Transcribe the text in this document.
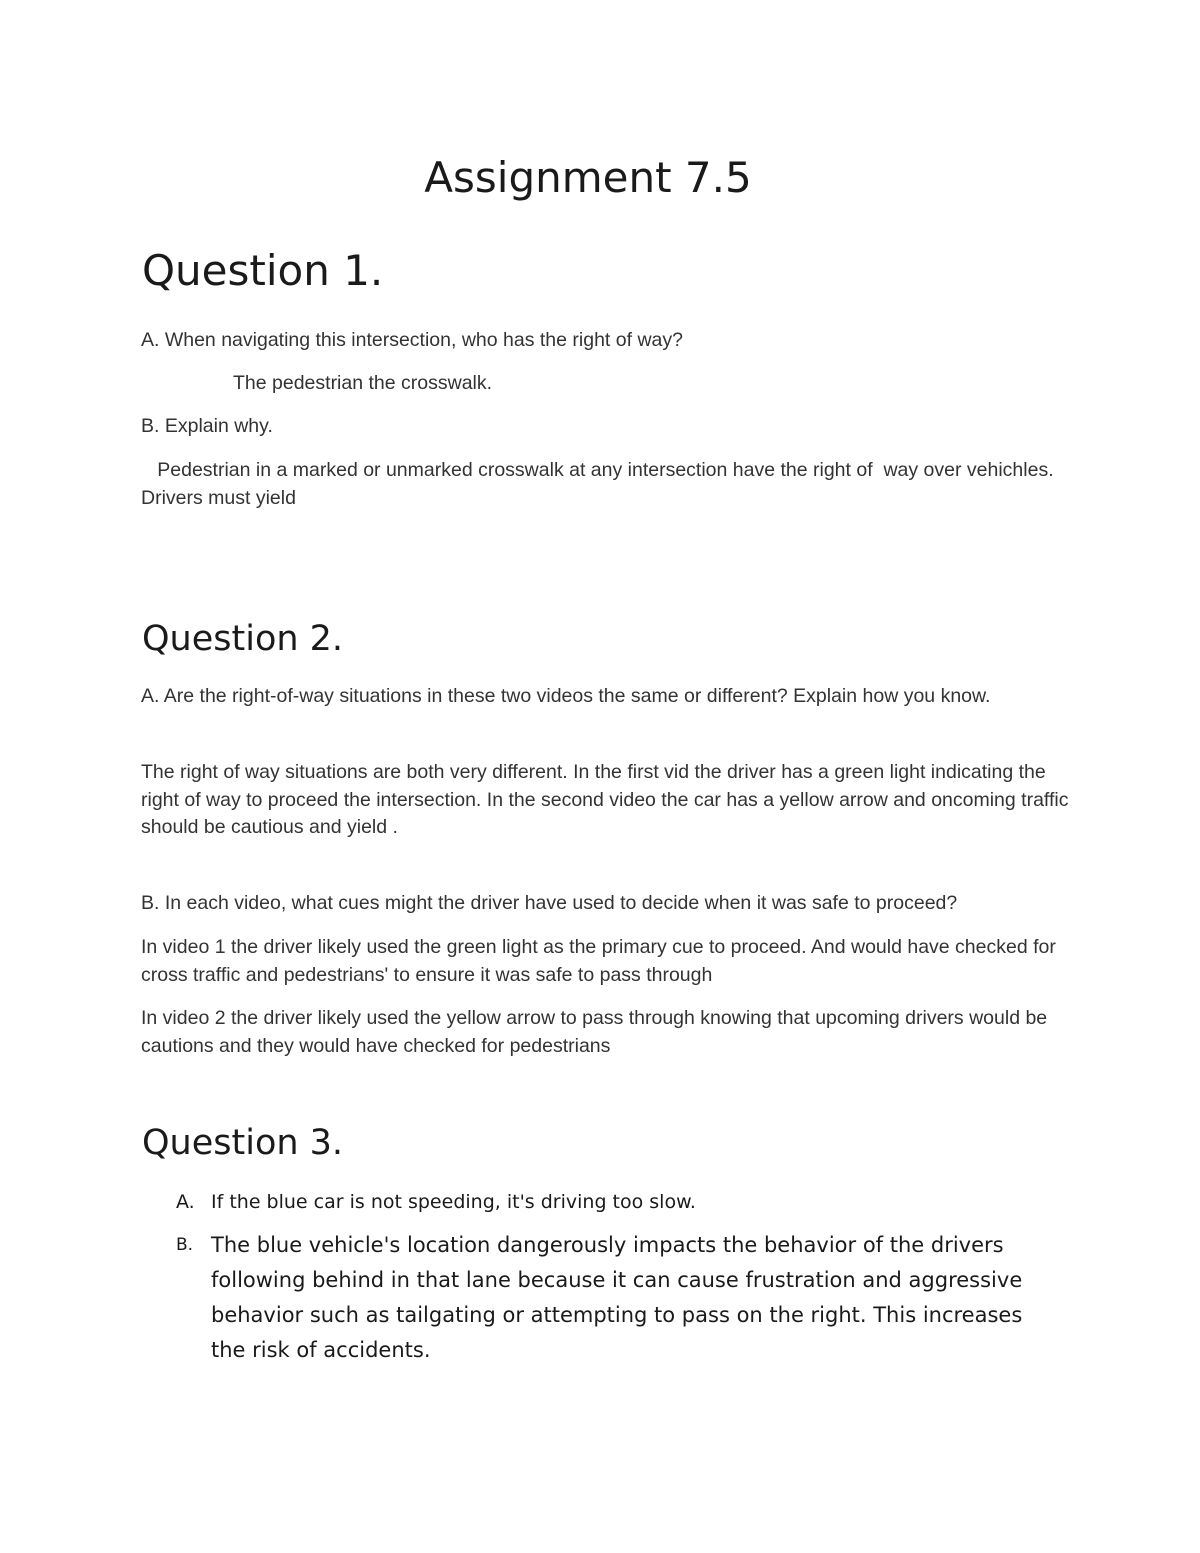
Assignment 7.5
Question 1.

A. When navigating this intersection, who has the right of way?

The pedestrian the crosswalk.

B. Explain why.

Pedestrian in a marked or unmarked crosswalk at any intersection have the right of  way over vehichles. Drivers must yield

Question 2.

A. Are the right-of-way situations in these two videos the same or different? Explain how you know.

The right of way situations are both very different. In the first vid the driver has a green light indicating the right of way to proceed the intersection. In the second video the car has a yellow arrow and oncoming traffic should be cautious and yield .

B. In each video, what cues might the driver have used to decide when it was safe to proceed?

In video 1 the driver likely used the green light as the primary cue to proceed. And would have checked for cross traffic and pedestrians' to ensure it was safe to pass through

In video 2 the driver likely used the yellow arrow to pass through knowing that upcoming drivers would be cautions and they would have checked for pedestrians

Question 3.
A. If the blue car is not speeding, it's driving too slow.
B. The blue vehicle's location dangerously impacts the behavior of the drivers following behind in that lane because it can cause frustration and aggressive behavior such as tailgating or attempting to pass on the right. This increases the risk of accidents.
